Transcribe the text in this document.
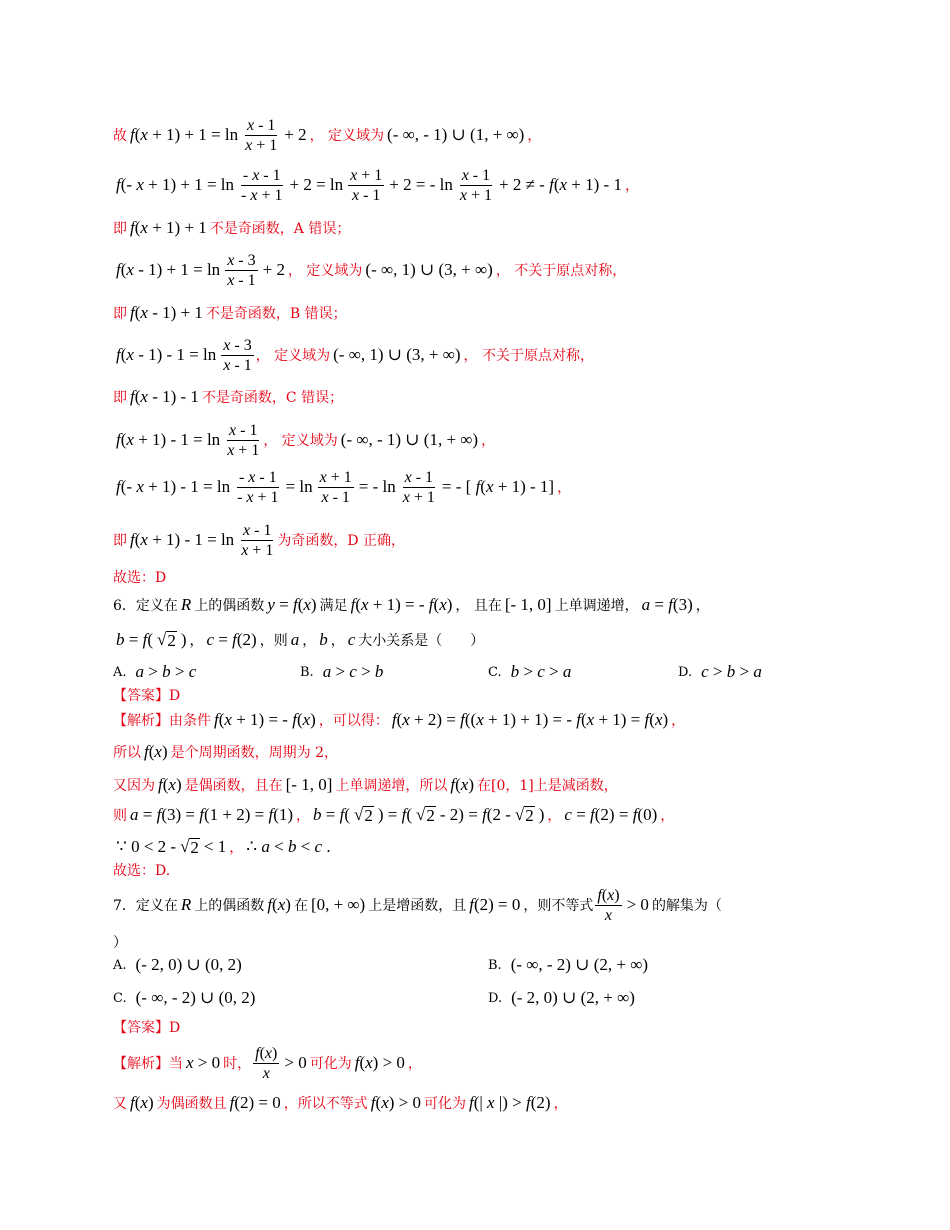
故 $f(x + 1) + 1 = \ln \frac{x - 1}{x + 1} + 2$ ， 定义域为 (- ∞, - 1) ∪ (1, + ∞) ，
f(- $x + 1) + 1 = \ln \frac{- x - 1}{- x + 1} + 2 = \ln \frac{x + 1}{x - 1} + 2$ = - $\ln \frac{x - 1}{x + 1} + 2$ ≠ - f(x + 1) - 1 ，
即 f(x + 1) + 1 不是奇函数，A 错误；
$f(x - 1) + 1 = \ln \frac{x - 3}{x - 1} + 2$ ， 定义域为 (- ∞, 1) ∪ (3, + ∞) ， 不关于原点对称，
即 f(x - 1) + 1 不是奇函数，B 错误；
$f(x - 1) - 1 = \ln \frac{x - 3}{x - 1}$ ， 定义域为 (- ∞, 1) ∪ (3, + ∞) ， 不关于原点对称，
即 f(x - 1) - 1 不是奇函数，C 错误；
$f(x + 1) - 1 = \ln \frac{x - 1}{x + 1}$ ， 定义域为 (- ∞, - 1) ∪ (1, + ∞) ，
f(- $x + 1) - 1 = \ln \frac{- x - 1}{- x + 1} = \ln \frac{x + 1}{x - 1}$ = - $\ln \frac{x - 1}{x + 1}$ = - [ f(x + 1) - 1] ，
即 $f(x + 1) - 1 = \ln \frac{x - 1}{x + 1}$ 为奇函数，D 正确，
故选：D
6．定义在 R 上的偶函数 y = f(x) 满足 f(x + 1) = - f(x) ， 且在 [- 1, 0] 上单调递增， a = f(3) ，
b = f( √ 2 ) ， c = f(2) ，则 a ， b ， c 大小关系是（　　）
A. a > b > c	B. a > c > b	C. b > c > a	D. c > b > a
【答案】D
【解析】由条件 f(x + 1) = - f(x) ，可以得： f(x + 2) = f((x + 1) + 1) = - f(x + 1) = f(x) ，
所以 f(x) 是个周期函数，周期为 2，
又因为 f(x) 是偶函数，且在 [- 1, 0] 上单调递增，所以 f(x) 在[0，1]上是减函数，
则 a = f(3) = f(1 + 2) = f(1) ， b = f( √ 2 ) = f( √ 2 - 2) = f(2 - √ 2 ) ， c = f(2) = f(0) ，
∵ 0 < 2 - √ 2 < 1 ， ∴ a < b < c .
故选：D.
7．定义在 R 上的偶函数 f(x) 在 [0, + ∞) 上是增函数，且 f(2) = 0 ，则不等式 $\frac{f(x)}{x} > 0$ 的解集为（
）
A. (- 2, 0) ∪ (0, 2)	B. (- ∞, - 2) ∪ (2, + ∞)
C. (- ∞, - 2) ∪ (0, 2)	D. (- 2, 0) ∪ (2, + ∞)
【答案】D
【解析】当 x > 0 时， $\frac{f(x)}{x} > 0$ 可化为 f(x) > 0 ，
又 f(x) 为偶函数且 f(2) = 0 ，所以不等式 f(x) > 0 可化为 f(| x |) > f(2) ，
